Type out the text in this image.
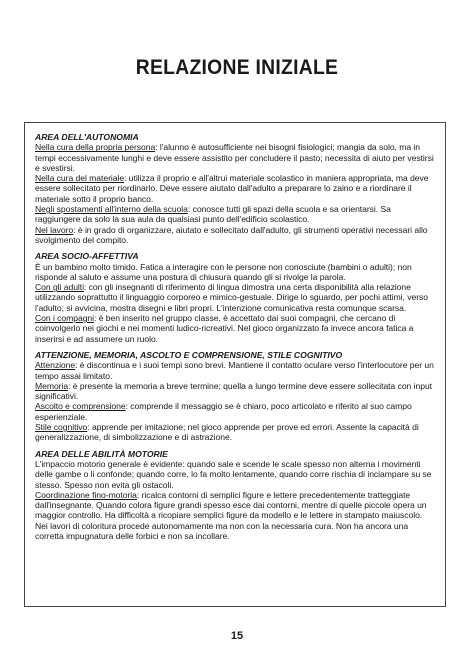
RELAZIONE INIZIALE

AREA DELL'AUTONOMIA

Nella cura della propria persona: l'alunno è autosufficiente nei bisogni fisiologici; mangia da solo, ma in tempi eccessivamente lunghi e deve essere assistito per concludere il pasto; necessita di aiuto per vestirsi e svestirsi.

Nella cura del materiale: utilizza il proprio e all'altrui materiale scolastico in maniera appropriata, ma deve essere sollecitato per riordinarlo. Deve essere aiutato dall'adulto a preparare lo zaino e a riordinare il materiale sotto il proprio banco.

Negli spostamenti all'interno della scuola: conosce tutti gli spazi della scuola e sa orientarsi. Sa raggiungere da solo la sua aula da qualsiasi punto dell'edificio scolastico.

Nel lavoro: è in grado di organizzare, aiutato e sollecitato dall'adulto, gli strumenti operativi necessari allo svolgimento del compito.

AREA SOCIO-AFFETTIVA

È un bambino molto timido. Fatica a interagire con le persone non conosciute (bambini o adulti); non risponde al saluto e assume una postura di chiusura quando gli si rivolge la parola.

Con gli adulti: con gli insegnanti di riferimento di lingua dimostra una certa disponibilità alla relazione utilizzando soprattutto il linguaggio corporeo e mimico-gestuale. Dirige lo sguardo, per pochi attimi, verso l'adulto; si avvicina, mostra disegni e libri propri. L'intenzione comunicativa resta comunque scarsa.

Con i compagni: è ben inserito nel gruppo classe, è accettato dai suoi compagni, che cercano di coinvolgerlo nei giochi e nei momenti ludico-ricreativi. Nel gioco organizzato fa invece ancora fatica a inserirsi e ad assumere un ruolo.

ATTENZIONE, MEMORIA, ASCOLTO E COMPRENSIONE, STILE COGNITIVO

Attenzione: è discontinua e i suoi tempi sono brevi. Mantiene il contatto oculare verso l'interlocutore per un tempo assai limitato.

Memoria: è presente la memoria a breve termine; quella a lungo termine deve essere sollecitata con input significativi.

Ascolto e comprensione: comprende il messaggio se è chiaro, poco articolato e riferito al suo campo esperienziale.

Stile cognitivo: apprende per imitazione; nel gioco apprende per prove ed errori. Assente la capacità di generalizzazione, di simbolizzazione e di astrazione.

AREA DELLE ABILITÀ MOTORIE

L'impaccio motorio generale è evidente: quando sale e scende le scale spesso non alterna i movimenti delle gambe o li confonde; quando corre, lo fa molto lentamente, quando corre rischia di inciampare su se stesso. Spesso non evita gli ostacoli.

Coordinazione fino-motoria: ricalca contorni di semplici figure e lettere precedentemente tratteggiate dall'insegnante. Quando colora figure grandi spesso esce dai contorni, mentre di quelle piccole opera un maggior controllo. Ha difficoltà a ricopiare semplici figure da modello e le lettere in stampato maiuscolo.

Nei lavori di coloritura procede autonomamente ma non con la necessaria cura. Non ha ancora una corretta impugnatura delle forbici e non sa incollare.

15
